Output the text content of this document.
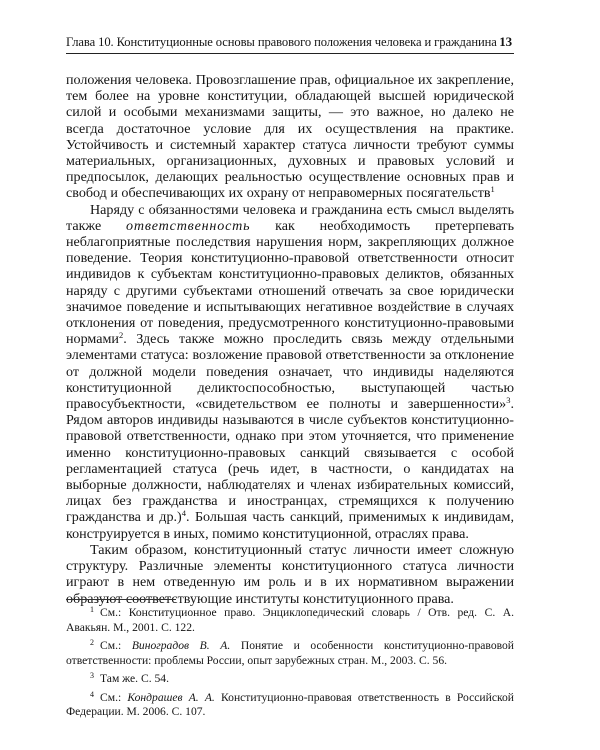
Глава 10. Конституционные основы правового положения человека и гражданина 13

положения человека. Провозглашение прав, официальное их закрепление, тем более на уровне конституции, обладающей высшей юридической силой и особыми механизмами защиты, — это важное, но далеко не всегда достаточное условие для их осуществления на практике. Устойчивость и системный характер статуса личности требуют суммы материальных, организационных, духовных и правовых условий и предпосылок, делающих реальностью осуществление основных прав и свобод и обеспечивающих их охрану от неправомерных посягательств$^1$

Наряду с обязанностями человека и гражданина есть смысл выделять также ответственность как необходимость претерпевать неблагоприятные последствия нарушения норм, закрепляющих должное поведение. Теория конституционно-правовой ответственности относит индивидов к субъектам конституционно-правовых деликтов, обязанных наряду с другими субъектами отношений отвечать за свое юридически значимое поведение и испытывающих негативное воздействие в случаях отклонения от поведения, предусмотренного конституционно-правовыми нормами$^2$. Здесь также можно проследить связь между отдельными элементами статуса: возложение правовой ответственности за отклонение от должной модели поведения означает, что индивиды наделяются конституционной деликтоспособностью, выступающей частью правосубъектности, «свидетельством ее полноты и завершенности»$^3$. Рядом авторов индивиды называются в числе субъектов конституционно-правовой ответственности, однако при этом уточняется, что применение именно конституционно-правовых санкций связывается с особой регламентацией статуса (речь идет, в частности, о кандидатах на выборные должности, наблюдателях и членах избирательных комиссий, лицах без гражданства и иностранцах, стремящихся к получению гражданства и др.)$^4$. Большая часть санкций, применимых к индивидам, конструируется в иных, помимо конституционной, отраслях права.

Таким образом, конституционный статус личности имеет сложную структуру. Различные элементы конституционного статуса личности играют в нем отведенную им роль и в их нормативном выражении образуют соответствующие институты конституционного права.

$^1$ См.: Конституционное право. Энциклопедический словарь / Отв. ред. С. А. Авакьян. М., 2001. С. 122.

$^2$ См.: Виноградов В. А. Понятие и особенности конституционно-правовой ответственности: проблемы России, опыт зарубежных стран. М., 2003. С. 56.

$^3$ Там же. С. 54.

$^4$ См.: Кондрашев А. А. Конституционно-правовая ответственность в Российской Федерации. М. 2006. С. 107.
